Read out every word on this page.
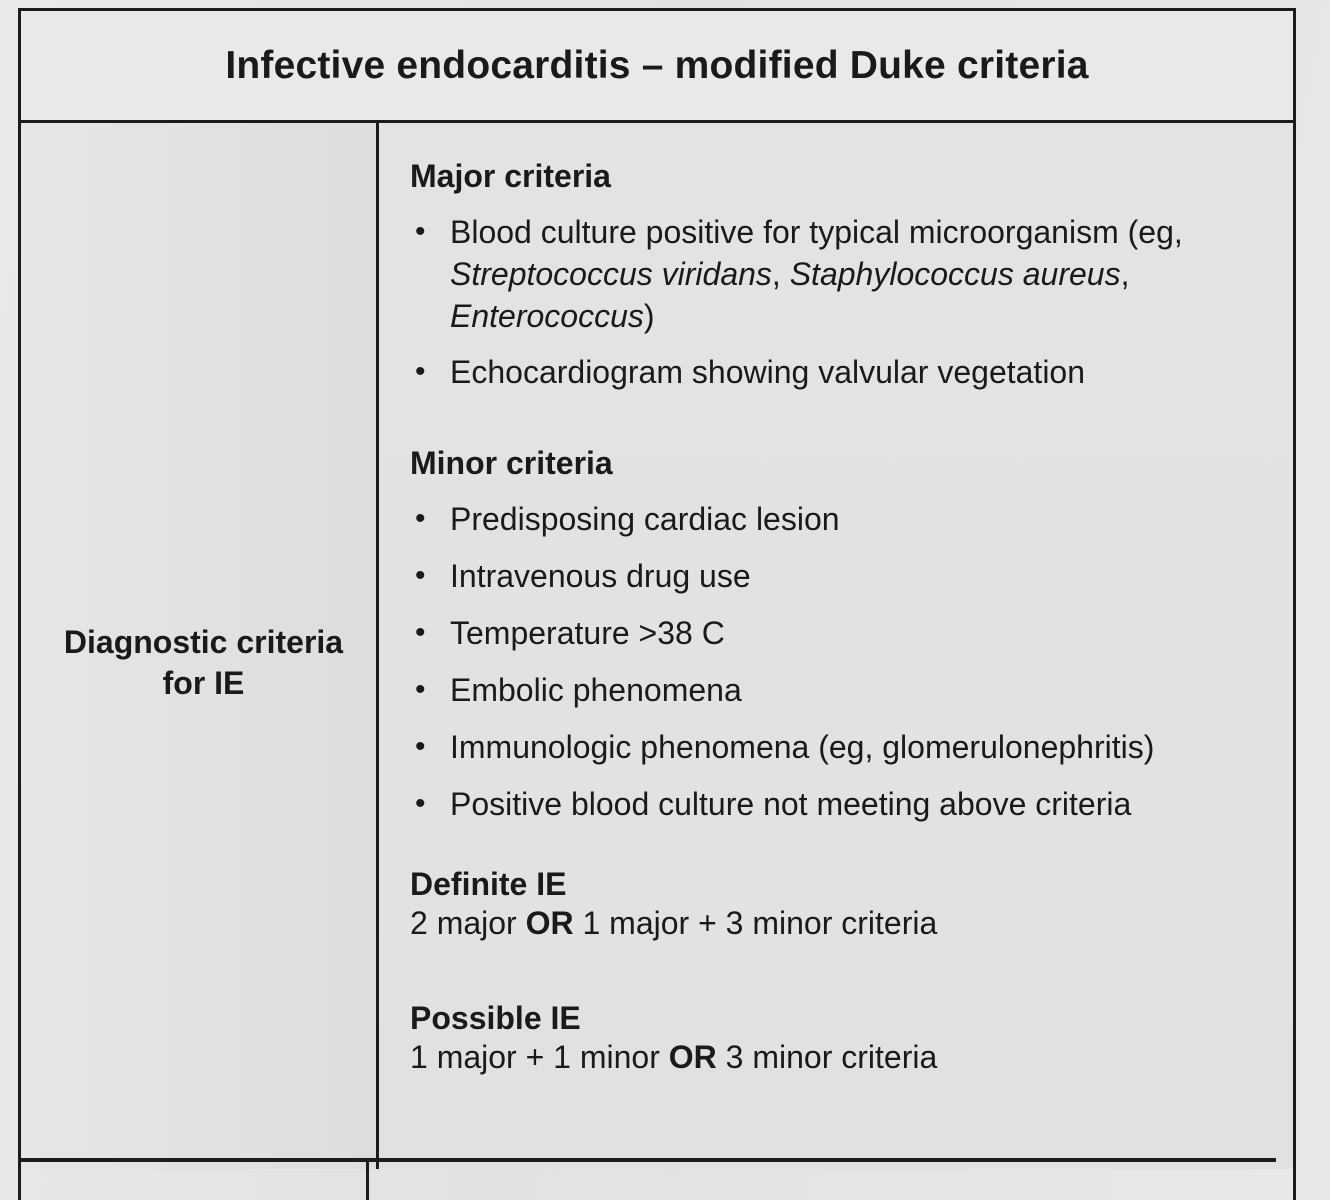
Infective endocarditis – modified Duke criteria
Diagnostic criteria for IE

Major criteria

• Blood culture positive for typical microorganism (eg, Streptococcus viridans, Staphylococcus aureus, Enterococcus)
• Echocardiogram showing valvular vegetation

Minor criteria

• Predisposing cardiac lesion
• Intravenous drug use
• Temperature >38 C
• Embolic phenomena
• Immunologic phenomena (eg, glomerulonephritis)
• Positive blood culture not meeting above criteria

Definite IE

2 major OR 1 major + 3 minor criteria

Possible IE

1 major + 1 minor OR 3 minor criteria
